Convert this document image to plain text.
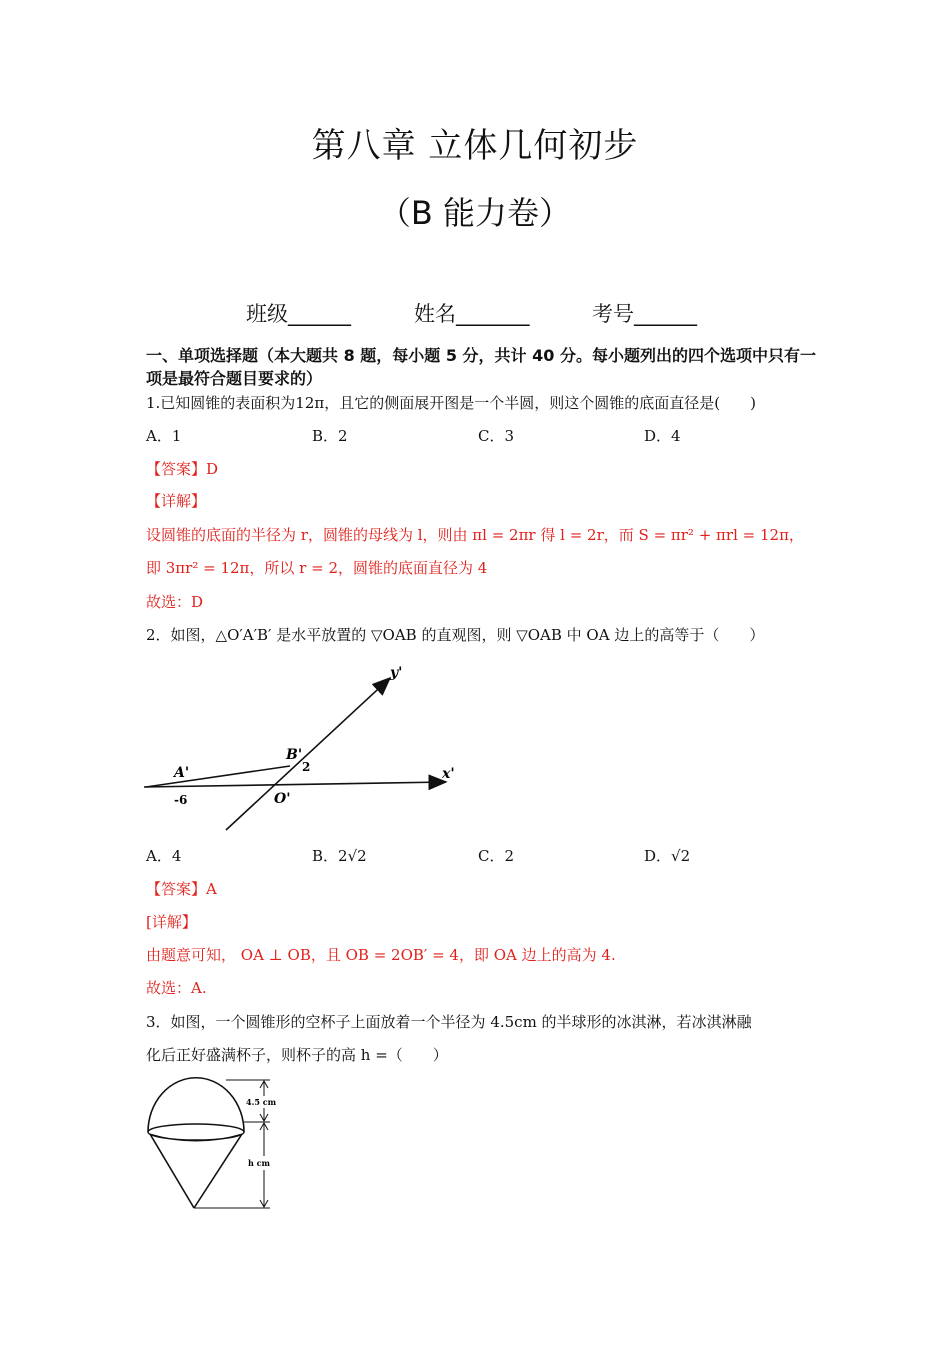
第八章 立体几何初步
（B 能力卷）
班级______	姓名_______	考号______
一、单项选择题（本大题共 8 题，每小题 5 分，共计 40 分。每小题列出的四个选项中只有一项是最符合题目要求的）
1.已知圆锥的表面积为12π，且它的侧面展开图是一个半圆，则这个圆锥的底面直径是(　　)
A．1	B．2	C．3	D．4
【答案】D
【详解】
设圆锥的底面的半径为 r，圆锥的母线为 l，则由 πl = 2πr 得 l = 2r，而 S = πr² + πrl = 12π，
即 3πr² = 12π，所以 r = 2，圆锥的底面直径为 4
故选：D
2．如图，△O′A′B′ 是水平放置的 ▽OAB 的直观图，则 ▽OAB 中 OA 边上的高等于（　　）
y'
x'
A'
B'
O'
-6
2
A．4	B．2√2	C．2	D．√2
【答案】A
[详解】
由题意可知， OA ⊥ OB，且 OB = 2OB′ = 4，即 OA 边上的高为 4.
故选：A.
3．如图，一个圆锥形的空杯子上面放着一个半径为 4.5cm 的半球形的冰淇淋，若冰淇淋融
化后正好盛满杯子，则杯子的高 h =（　　）
4.5 cm
h cm
